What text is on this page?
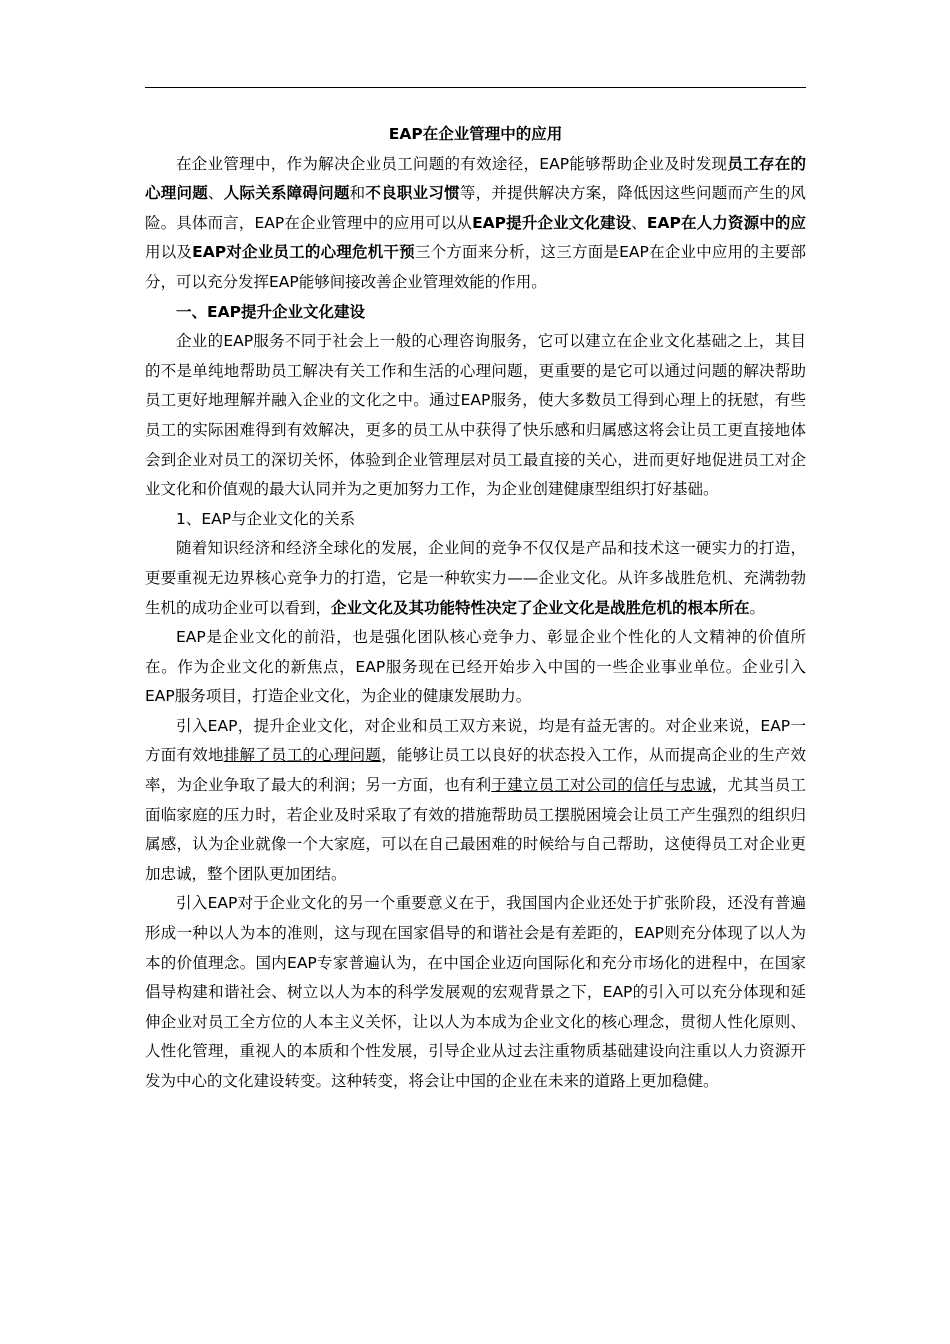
EAP在企业管理中的应用

在企业管理中，作为解决企业员工问题的有效途径，EAP能够帮助企业及时发现员工存在的心理问题、人际关系障碍问题和不良职业习惯等，并提供解决方案，降低因这些问题而产生的风险。具体而言，EAP在企业管理中的应用可以从EAP提升企业文化建设、EAP在人力资源中的应用以及EAP对企业员工的心理危机干预三个方面来分析，这三方面是EAP在企业中应用的主要部分，可以充分发挥EAP能够间接改善企业管理效能的作用。

一、EAP提升企业文化建设

企业的EAP服务不同于社会上一般的心理咨询服务，它可以建立在企业文化基础之上，其目的不是单纯地帮助员工解决有关工作和生活的心理问题，更重要的是它可以通过问题的解决帮助员工更好地理解并融入企业的文化之中。通过EAP服务，使大多数员工得到心理上的抚慰，有些员工的实际困难得到有效解决，更多的员工从中获得了快乐感和归属感这将会让员工更直接地体会到企业对员工的深切关怀，体验到企业管理层对员工最直接的关心，进而更好地促进员工对企业文化和价值观的最大认同并为之更加努力工作，为企业创建健康型组织打好基础。

1、EAP与企业文化的关系

随着知识经济和经济全球化的发展，企业间的竞争不仅仅是产品和技术这一硬实力的打造，更要重视无边界核心竞争力的打造，它是一种软实力——企业文化。从许多战胜危机、充满勃勃生机的成功企业可以看到，企业文化及其功能特性决定了企业文化是战胜危机的根本所在。

EAP是企业文化的前沿，也是强化团队核心竞争力、彰显企业个性化的人文精神的价值所在。作为企业文化的新焦点，EAP服务现在已经开始步入中国的一些企业事业单位。企业引入EAP服务项目，打造企业文化，为企业的健康发展助力。

引入EAP，提升企业文化，对企业和员工双方来说，均是有益无害的。对企业来说，EAP一方面有效地排解了员工的心理问题，能够让员工以良好的状态投入工作，从而提高企业的生产效率，为企业争取了最大的利润；另一方面，也有利于建立员工对公司的信任与忠诚，尤其当员工面临家庭的压力时，若企业及时采取了有效的措施帮助员工摆脱困境会让员工产生强烈的组织归属感，认为企业就像一个大家庭，可以在自己最困难的时候给与自己帮助，这使得员工对企业更加忠诚，整个团队更加团结。

引入EAP对于企业文化的另一个重要意义在于，我国国内企业还处于扩张阶段，还没有普遍形成一种以人为本的准则，这与现在国家倡导的和谐社会是有差距的，EAP则充分体现了以人为本的价值理念。国内EAP专家普遍认为，在中国企业迈向国际化和充分市场化的进程中，在国家倡导构建和谐社会、树立以人为本的科学发展观的宏观背景之下，EAP的引入可以充分体现和延伸企业对员工全方位的人本主义关怀，让以人为本成为企业文化的核心理念，贯彻人性化原则、人性化管理，重视人的本质和个性发展，引导企业从过去注重物质基础建设向注重以人力资源开发为中心的文化建设转变。这种转变，将会让中国的企业在未来的道路上更加稳健。
